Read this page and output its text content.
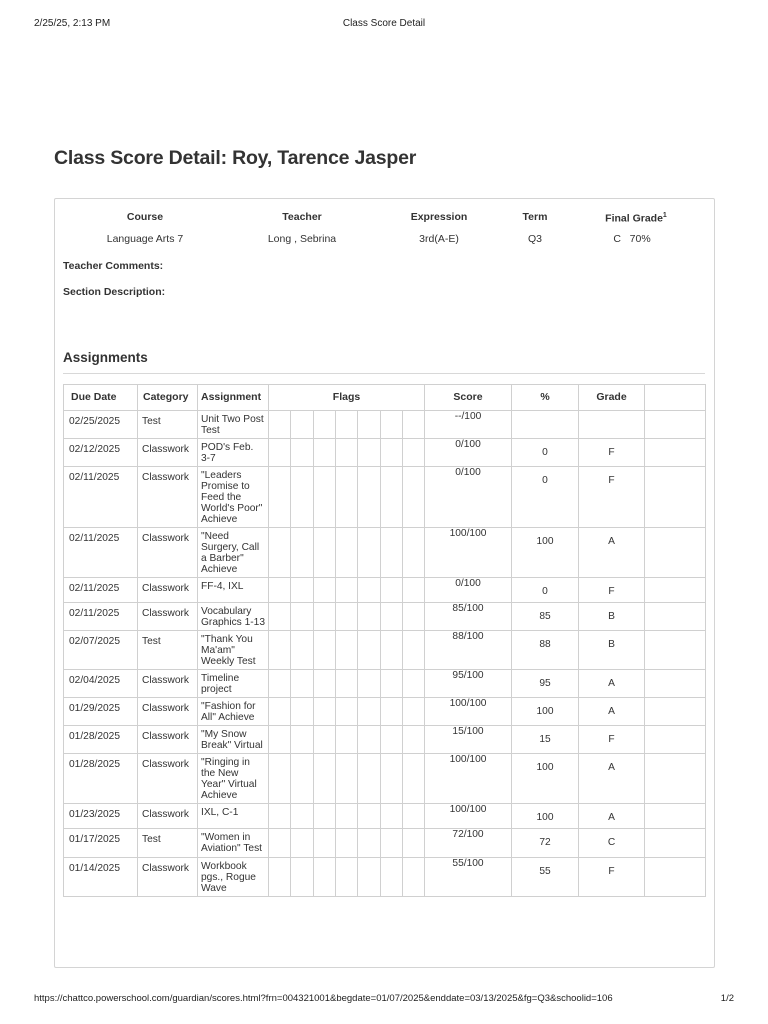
2/25/25, 2:13 PM	Class Score Detail
Class Score Detail: Roy, Tarence Jasper
Course	Teacher	Expression	Term	Final Grade$^1$
Language Arts 7	Long , Sebrina	3rd(A-E)	Q3	C   70%
Teacher Comments:
Section Description:
Assignments
Due Date	Category	Assignment	Flags							Score	%	Grade	
02/25/2025	Test	Unit Two Post Test								--/100			
02/12/2025	Classwork	POD's Feb. 3-7								0/100	0	F	
02/11/2025	Classwork	"Leaders Promise to Feed the World's Poor" Achieve								0/100	0	F	
02/11/2025	Classwork	"Need Surgery, Call a Barber" Achieve								100/100	100	A	
02/11/2025	Classwork	FF-4, IXL								0/100	0	F	
02/11/2025	Classwork	Vocabulary Graphics 1-13								85/100	85	B	
02/07/2025	Test	"Thank You Ma'am" Weekly Test								88/100	88	B	
02/04/2025	Classwork	Timeline project								95/100	95	A	
01/29/2025	Classwork	"Fashion for All" Achieve								100/100	100	A	
01/28/2025	Classwork	"My Snow Break" Virtual								15/100	15	F	
01/28/2025	Classwork	"Ringing in the New Year" Virtual Achieve								100/100	100	A	
01/23/2025	Classwork	IXL, C-1								100/100	100	A	
01/17/2025	Test	"Women in Aviation" Test								72/100	72	C	
01/14/2025	Classwork	Workbook pgs., Rogue Wave								55/100	55	F	
https://chattco.powerschool.com/guardian/scores.html?frn=004321001&begdate=01/07/2025&enddate=03/13/2025&fg=Q3&schoolid=106	1/2
